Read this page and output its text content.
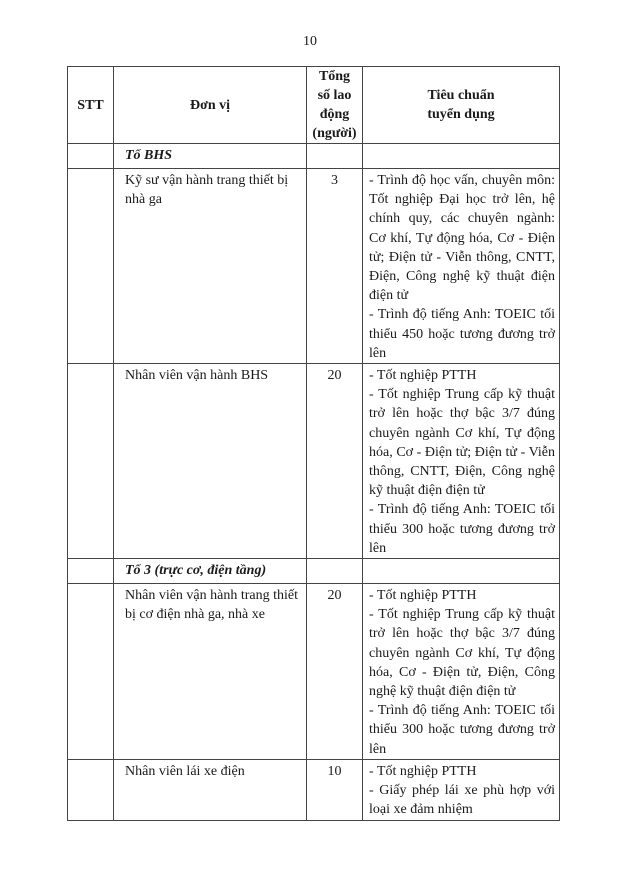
10
STT	Đơn vị	Tổng
số lao
động
(người)	Tiêu chuẩn
tuyển dụng
	Tổ BHS		
	Kỹ sư vận hành trang thiết bị nhà ga	3	- Trình độ học vấn, chuyên môn: Tốt nghiệp Đại học trở lên, hệ chính quy, các chuyên ngành: Cơ khí, Tự động hóa, Cơ - Điện tử; Điện tử - Viễn thông, CNTT, Điện, Công nghệ kỹ thuật điện điện tử
- Trình độ tiếng Anh: TOEIC tối thiểu 450 hoặc tương đương trở lên

	Nhân viên vận hành BHS	20	- Tốt nghiệp PTTH
- Tốt nghiệp Trung cấp kỹ thuật trở lên hoặc thợ bậc 3/7 đúng chuyên ngành Cơ khí, Tự động hóa, Cơ - Điện tử; Điện tử - Viễn thông, CNTT, Điện, Công nghệ kỹ thuật điện điện tử
- Trình độ tiếng Anh: TOEIC tối thiểu 300 hoặc tương đương trở lên

	Tổ 3 (trực cơ, điện tầng)		
	Nhân viên vận hành trang thiết bị cơ điện nhà ga, nhà xe	20	- Tốt nghiệp PTTH
- Tốt nghiệp Trung cấp kỹ thuật trở lên hoặc thợ bậc 3/7 đúng chuyên ngành Cơ khí, Tự động hóa, Cơ - Điện tử, Điện, Công nghệ kỹ thuật điện điện tử
- Trình độ tiếng Anh: TOEIC tối thiểu 300 hoặc tương đương trở lên

	Nhân viên lái xe điện	10	- Tốt nghiệp PTTH
- Giấy phép lái xe phù hợp với loại xe đảm nhiệm
